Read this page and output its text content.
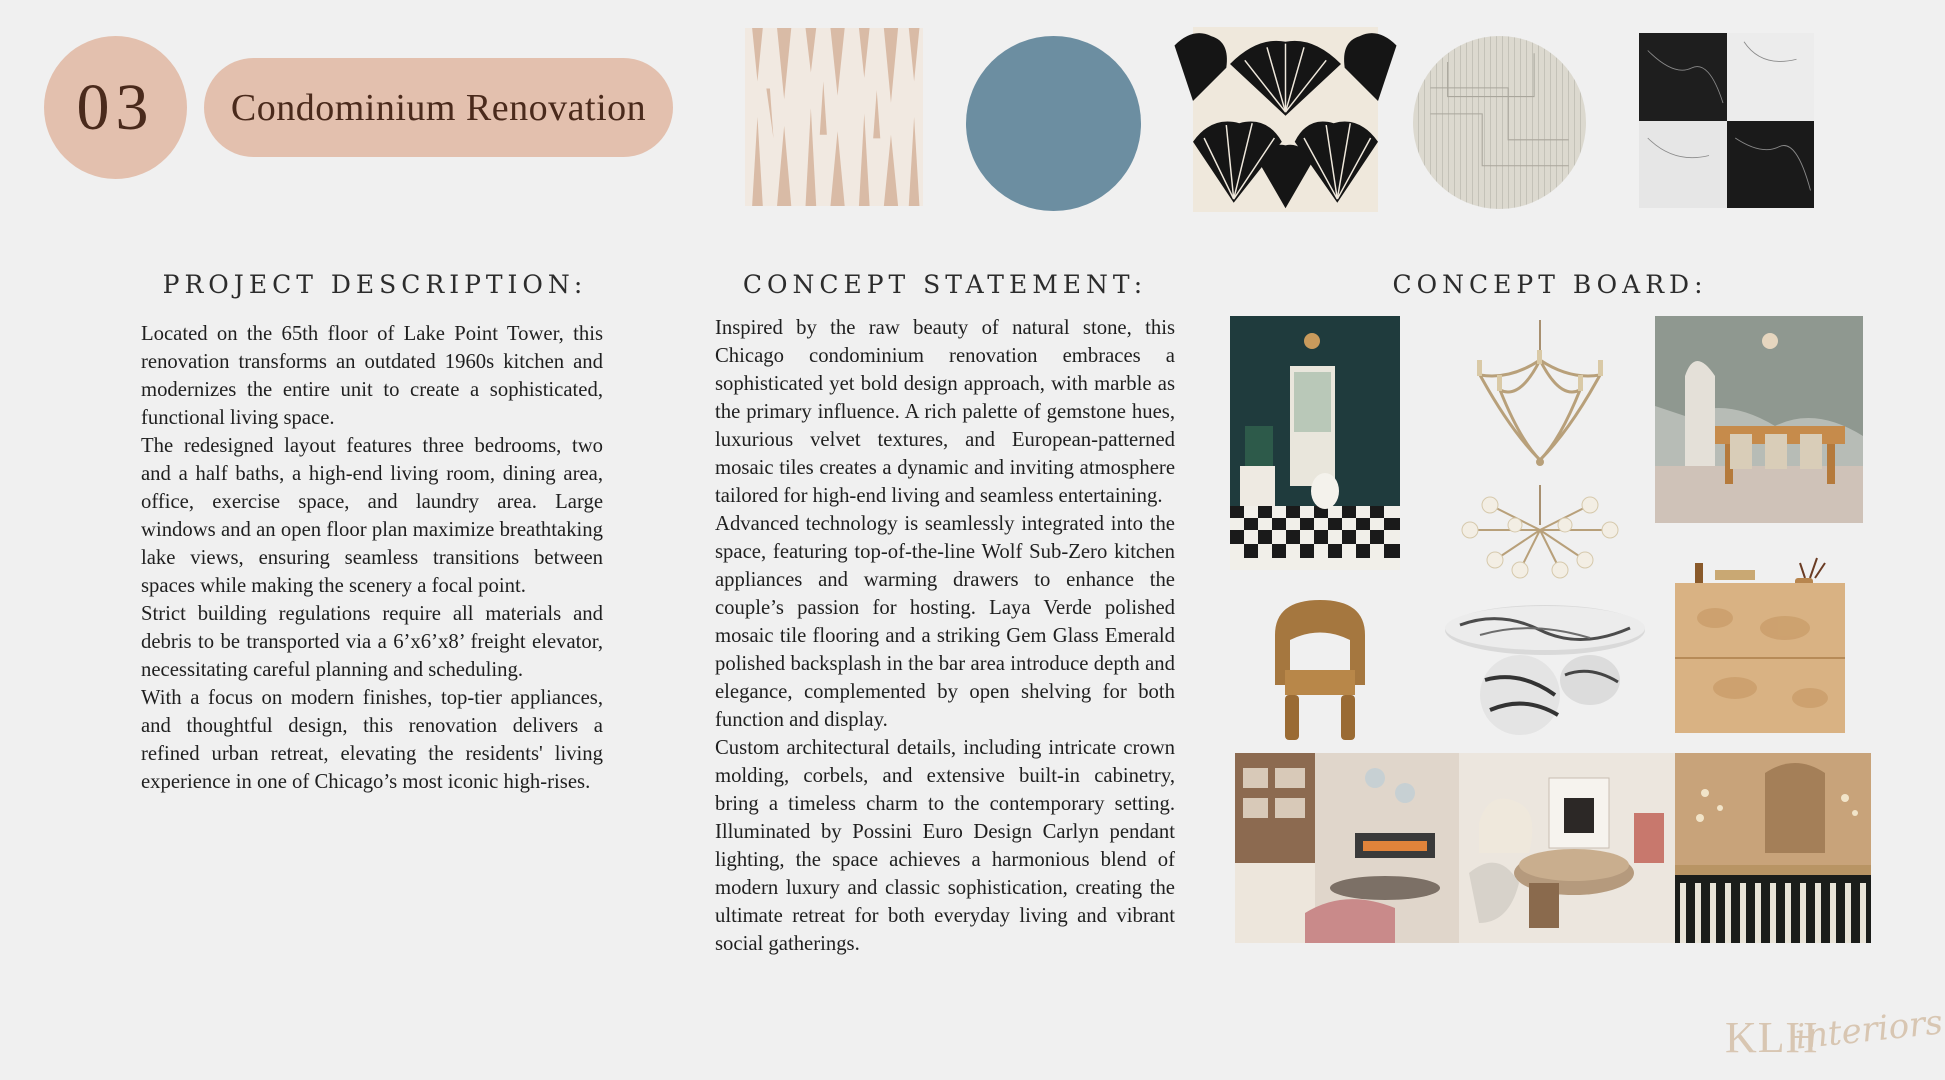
03 Condominium Renovation
PROJECT DESCRIPTION:	CONCEPT STATEMENT:	CONCEPT BOARD:

Located on the 65th floor of Lake Point Tower, this renovation transforms an outdated 1960s kitchen and modernizes the entire unit to create a sophisticated, functional living space.

The redesigned layout features three bedrooms, two and a half baths, a high-end living room, dining area, office, exercise space, and laundry area. Large windows and an open floor plan maximize breathtaking lake views, ensuring seamless transitions between spaces while making the scenery a focal point.

Strict building regulations require all materials and debris to be transported via a 6’x6’x8’ freight elevator, necessitating careful planning and scheduling.

With a focus on modern finishes, top-tier appliances, and thoughtful design, this renovation delivers a refined urban retreat, elevating the residents' living experience in one of Chicago’s most iconic high-rises.

Inspired by the raw beauty of natural stone, this Chicago condominium renovation embraces a sophisticated yet bold design approach, with marble as the primary influence. A rich palette of gemstone hues, luxurious velvet textures, and European-patterned mosaic tiles creates a dynamic and inviting atmosphere tailored for high-end living and seamless entertaining.

Advanced technology is seamlessly integrated into the space, featuring top-of-the-line Wolf Sub-Zero kitchen appliances and warming drawers to enhance the couple’s passion for hosting. Laya Verde polished mosaic tile flooring and a striking Gem Glass Emerald polished backsplash in the bar area introduce depth and elegance, complemented by open shelving for both function and display.

Custom architectural details, including intricate crown molding, corbels, and extensive built-in cabinetry, bring a timeless charm to the contemporary setting. Illuminated by Possini Euro Design Carlyn pendant lighting, the space achieves a harmonious blend of modern luxury and classic sophistication, creating the ultimate retreat for both everyday living and vibrant social gatherings.

KLH
interiors
